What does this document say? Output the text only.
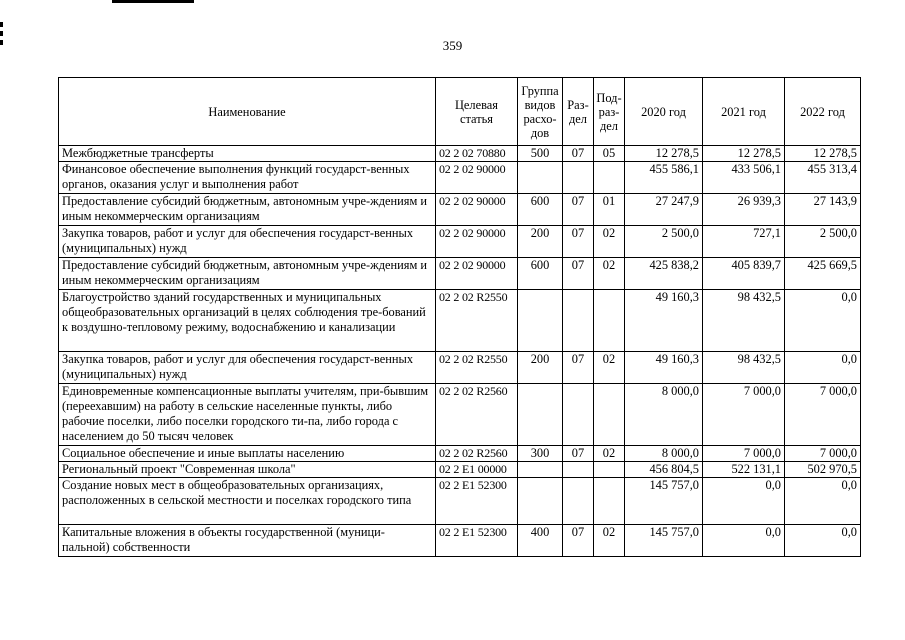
359
Наименование	Целевая статья	Группа видов расхо-дов	Раз-дел	Под-раз-дел	2020 год	2021 год	2022 год
Межбюджетные трансферты	02 2 02 70880	500	07	05	12 278,5	12 278,5	12 278,5
Финансовое обеспечение выполнения функций государст-венных органов, оказания услуг и выполнения работ	02 2 02 90000				455 586,1	433 506,1	455 313,4
Предоставление субсидий бюджетным, автономным учре-ждениям и иным некоммерческим организациям	02 2 02 90000	600	07	01	27 247,9	26 939,3	27 143,9
Закупка товаров, работ и услуг для обеспечения государст-венных (муниципальных) нужд	02 2 02 90000	200	07	02	2 500,0	727,1	2 500,0
Предоставление субсидий бюджетным, автономным учре-ждениям и иным некоммерческим организациям	02 2 02 90000	600	07	02	425 838,2	405 839,7	425 669,5
Благоустройство зданий государственных и муниципальных общеобразовательных организаций в целях соблюдения тре-бований к воздушно-тепловому режиму, водоснабжению и канализации	02 2 02 R2550				49 160,3	98 432,5	0,0
Закупка товаров, работ и услуг для обеспечения государст-венных (муниципальных) нужд	02 2 02 R2550	200	07	02	49 160,3	98 432,5	0,0
Единовременные компенсационные выплаты учителям, при-бывшим (переехавшим) на работу в сельские населенные пункты, либо рабочие поселки, либо поселки городского ти-па, либо города с населением до 50 тысяч человек	02 2 02 R2560				8 000,0	7 000,0	7 000,0
Социальное обеспечение и иные выплаты населению	02 2 02 R2560	300	07	02	8 000,0	7 000,0	7 000,0
Региональный проект "Современная школа"	02 2 E1 00000				456 804,5	522 131,1	502 970,5
Создание новых мест в общеобразовательных организациях, расположенных в сельской местности и поселках городского типа	02 2 E1 52300				145 757,0	0,0	0,0
Капитальные вложения в объекты государственной (муници-пальной) собственности	02 2 E1 52300	400	07	02	145 757,0	0,0	0,0
